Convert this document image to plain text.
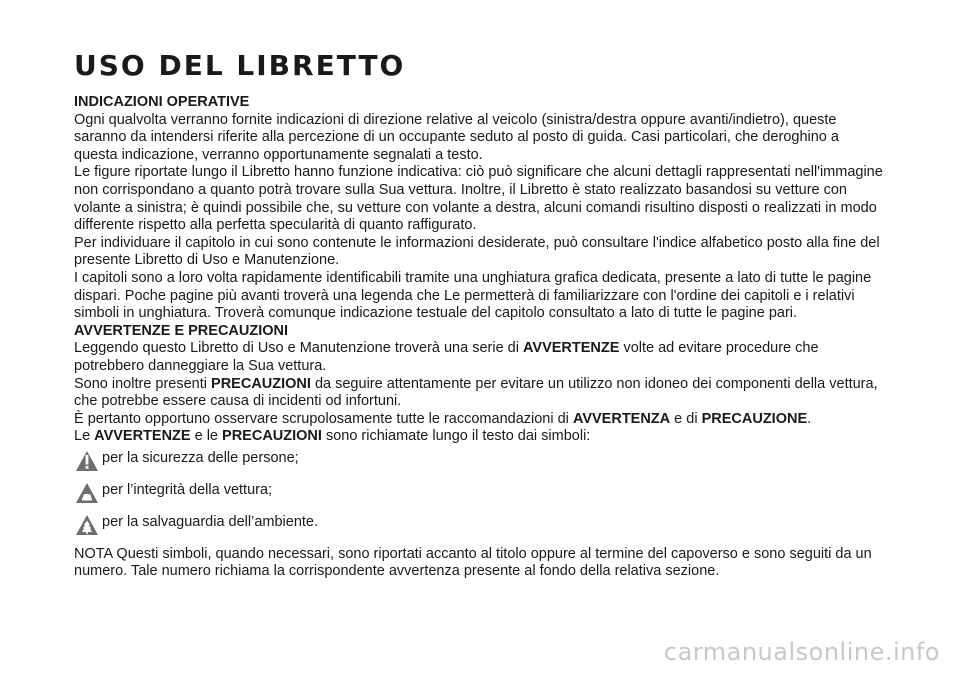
USO DEL LIBRETTO
INDICAZIONI OPERATIVE

Ogni qualvolta verranno fornite indicazioni di direzione relative al veicolo (sinistra/destra oppure avanti/indietro), queste saranno da intendersi riferite alla percezione di un occupante seduto al posto di guida. Casi particolari, che deroghino a questa indicazione, verranno opportunamente segnalati a testo.

Le figure riportate lungo il Libretto hanno funzione indicativa: ciò può significare che alcuni dettagli rappresentati nell'immagine non corrispondano a quanto potrà trovare sulla Sua vettura. Inoltre, il Libretto è stato realizzato basandosi su vetture con volante a sinistra; è quindi possibile che, su vetture con volante a destra, alcuni comandi risultino disposti o realizzati in modo differente rispetto alla perfetta specularità di quanto raffigurato.

Per individuare il capitolo in cui sono contenute le informazioni desiderate, può consultare l'indice alfabetico posto alla fine del presente Libretto di Uso e Manutenzione.

I capitoli sono a loro volta rapidamente identificabili tramite una unghiatura grafica dedicata, presente a lato di tutte le pagine dispari. Poche pagine più avanti troverà una legenda che Le permetterà di familiarizzare con l'ordine dei capitoli e i relativi simboli in unghiatura. Troverà comunque indicazione testuale del capitolo consultato a lato di tutte le pagine pari.

AVVERTENZE E PRECAUZIONI

Leggendo questo Libretto di Uso e Manutenzione troverà una serie di AVVERTENZE volte ad evitare procedure che potrebbero danneggiare la Sua vettura.

Sono inoltre presenti PRECAUZIONI da seguire attentamente per evitare un utilizzo non idoneo dei componenti della vettura, che potrebbe essere causa di incidenti od infortuni.

È pertanto opportuno osservare scrupolosamente tutte le raccomandazioni di AVVERTENZA e di PRECAUZIONE.

Le AVVERTENZE e le PRECAUZIONI sono richiamate lungo il testo dai simboli:

per la sicurezza delle persone;
per l’integrità della vettura;
per la salvaguardia dell’ambiente.

NOTA Questi simboli, quando necessari, sono riportati accanto al titolo oppure al termine del capoverso e sono seguiti da un numero. Tale numero richiama la corrispondente avvertenza presente al fondo della relativa sezione.

carmanualsonline.info
